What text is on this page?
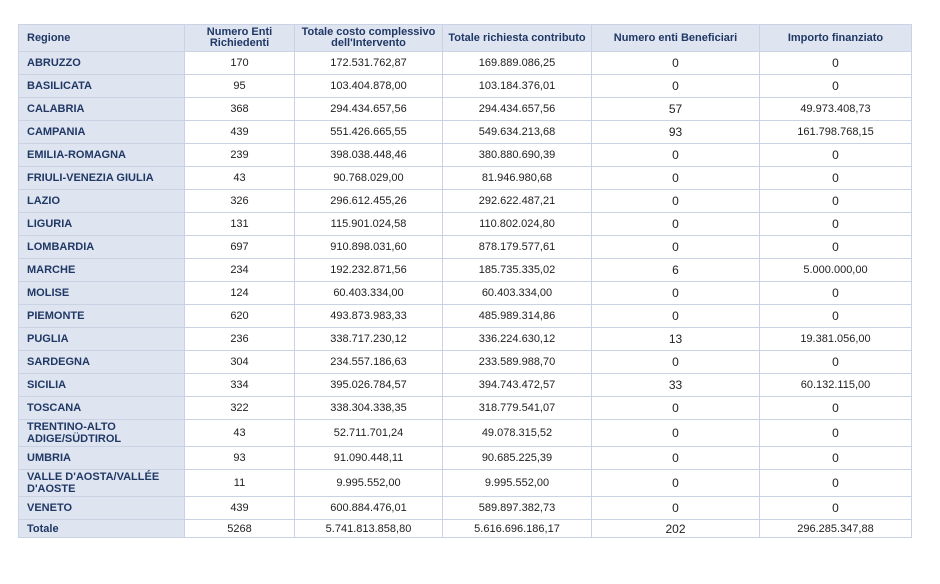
Regione	Numero Enti Richiedenti	Totale costo complessivo dell'Intervento	Totale richiesta contributo	Numero enti Beneficiari	Importo finanziato
ABRUZZO	170	172.531.762,87	169.889.086,25	0	0
BASILICATA	95	103.404.878,00	103.184.376,01	0	0
CALABRIA	368	294.434.657,56	294.434.657,56	57	49.973.408,73
CAMPANIA	439	551.426.665,55	549.634.213,68	93	161.798.768,15
EMILIA-ROMAGNA	239	398.038.448,46	380.880.690,39	0	0
FRIULI-VENEZIA GIULIA	43	90.768.029,00	81.946.980,68	0	0
LAZIO	326	296.612.455,26	292.622.487,21	0	0
LIGURIA	131	115.901.024,58	110.802.024,80	0	0
LOMBARDIA	697	910.898.031,60	878.179.577,61	0	0
MARCHE	234	192.232.871,56	185.735.335,02	6	5.000.000,00
MOLISE	124	60.403.334,00	60.403.334,00	0	0
PIEMONTE	620	493.873.983,33	485.989.314,86	0	0
PUGLIA	236	338.717.230,12	336.224.630,12	13	19.381.056,00
SARDEGNA	304	234.557.186,63	233.589.988,70	0	0
SICILIA	334	395.026.784,57	394.743.472,57	33	60.132.115,00
TOSCANA	322	338.304.338,35	318.779.541,07	0	0
TRENTINO-ALTO ADIGE/SÜDTIROL	43	52.711.701,24	49.078.315,52	0	0
UMBRIA	93	91.090.448,11	90.685.225,39	0	0
VALLE D'AOSTA/VALLÉE D'AOSTE	11	9.995.552,00	9.995.552,00	0	0
VENETO	439	600.884.476,01	589.897.382,73	0	0
Totale	5268	5.741.813.858,80	5.616.696.186,17	202	296.285.347,88
